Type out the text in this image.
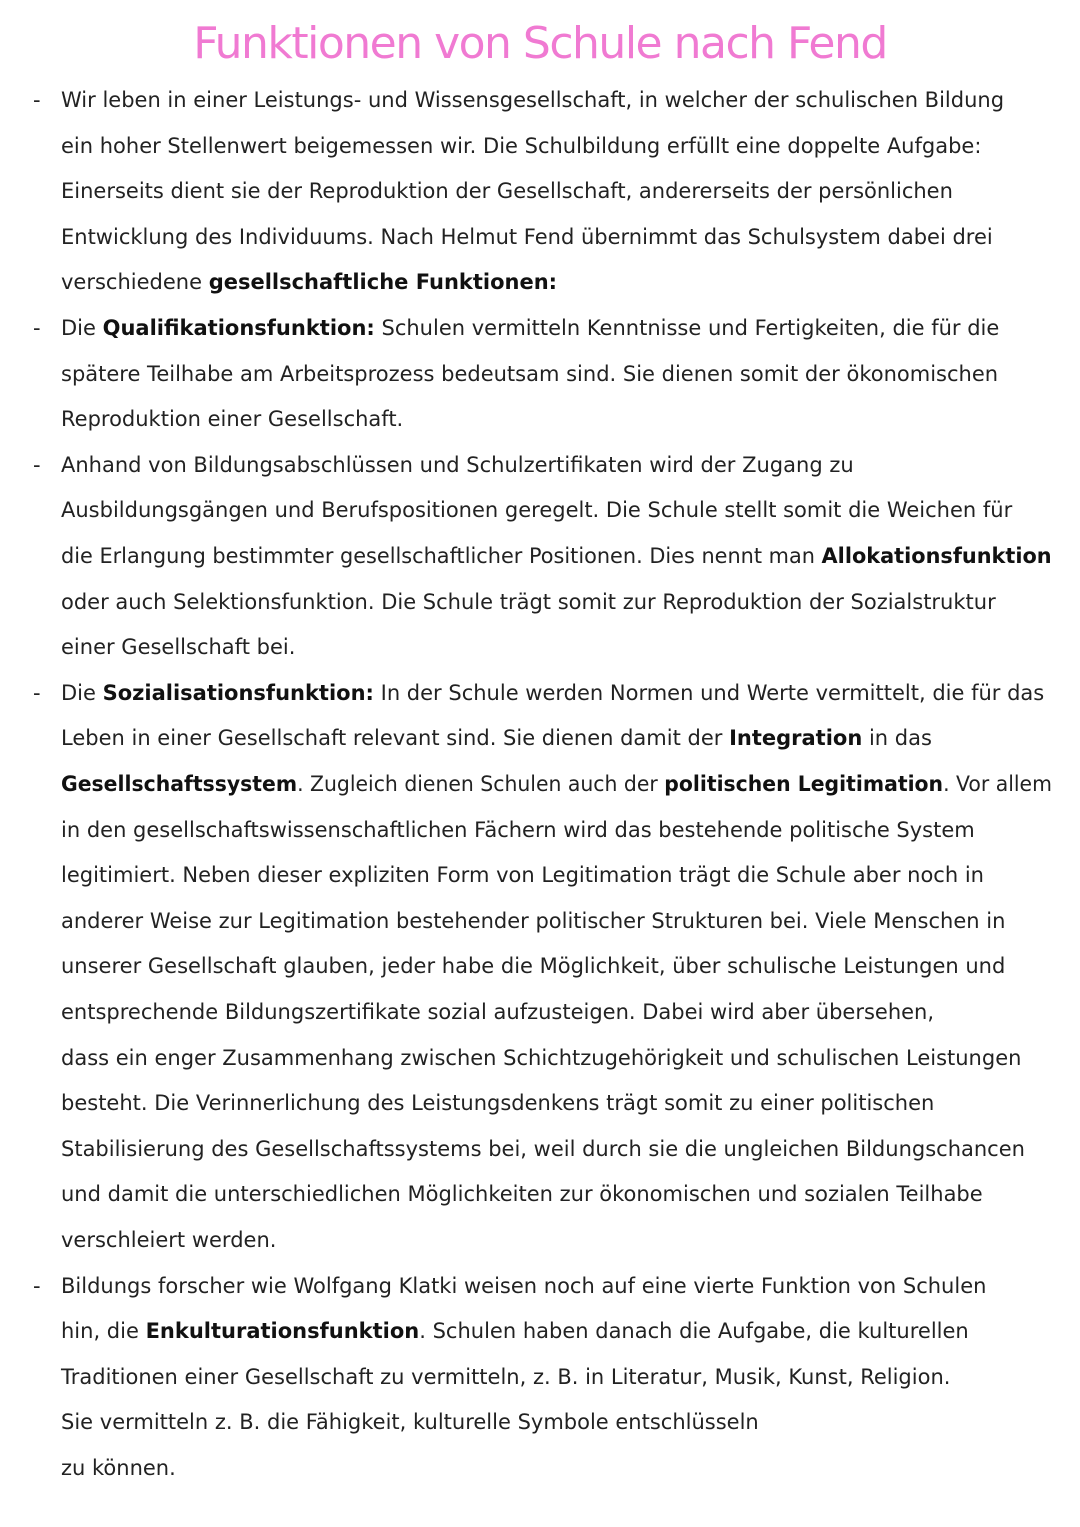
Funktionen von Schule nach Fend
- Wir leben in einer Leistungs- und Wissensgesellschaft, in welcher der schulischen Bildung
ein hoher Stellenwert beigemessen wir. Die Schulbildung erfüllt eine doppelte Aufgabe:
Einerseits dient sie der Reproduktion der Gesellschaft, andererseits der persönlichen
Entwicklung des Individuums. Nach Helmut Fend übernimmt das Schulsystem dabei drei
verschiedene gesellschaftliche Funktionen:
- Die Qualifikationsfunktion: Schulen vermitteln Kenntnisse und Fertigkeiten, die für die
spätere Teilhabe am Arbeitsprozess bedeutsam sind. Sie dienen somit der ökonomischen
Reproduktion einer Gesellschaft.
- Anhand von Bildungsabschlüssen und Schulzertifikaten wird der Zugang zu
Ausbildungsgängen und Berufspositionen geregelt. Die Schule stellt somit die Weichen für
die Erlangung bestimmter gesellschaftlicher Positionen. Dies nennt man Allokationsfunktion
oder auch Selektionsfunktion. Die Schule trägt somit zur Reproduktion der Sozialstruktur
einer Gesellschaft bei.
- Die Sozialisationsfunktion: In der Schule werden Normen und Werte vermittelt, die für das
Leben in einer Gesellschaft relevant sind. Sie dienen damit der Integration in das
Gesellschaftssystem. Zugleich dienen Schulen auch der politischen Legitimation. Vor allem
in den gesellschaftswissenschaftlichen Fächern wird das bestehende politische System
legitimiert. Neben dieser expliziten Form von Legitimation trägt die Schule aber noch in
anderer Weise zur Legitimation bestehender politischer Strukturen bei. Viele Menschen in
unserer Gesellschaft glauben, jeder habe die Möglichkeit, über schulische Leistungen und
entsprechende Bildungszertifikate sozial aufzusteigen. Dabei wird aber übersehen,
dass ein enger Zusammenhang zwischen Schichtzugehörigkeit und schulischen Leistungen
besteht. Die Verinnerlichung des Leistungsdenkens trägt somit zu einer politischen
Stabilisierung des Gesellschaftssystems bei, weil durch sie die ungleichen Bildungschancen
und damit die unterschiedlichen Möglichkeiten zur ökonomischen und sozialen Teilhabe
verschleiert werden.
- Bildungs forscher wie Wolfgang Klatki weisen noch auf eine vierte Funktion von Schulen
hin, die Enkulturationsfunktion. Schulen haben danach die Aufgabe, die kulturellen
Traditionen einer Gesellschaft zu vermitteln, z. B. in Literatur, Musik, Kunst, Religion.
Sie vermitteln z. B. die Fähigkeit, kulturelle Symbole entschlüsseln
zu können.
